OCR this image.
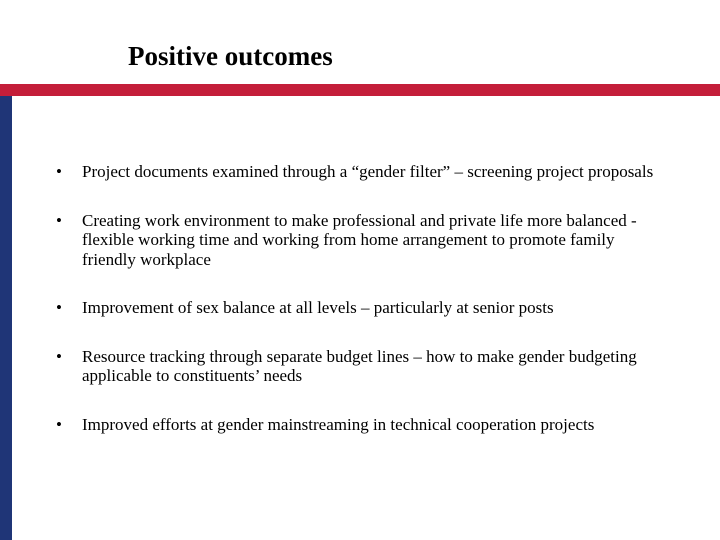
Positive outcomes
•	Project documents examined through a “gender filter” – screening project proposals
•	Creating work environment to make professional and private life more balanced - flexible working time and working from home arrangement to promote family friendly workplace
•	Improvement of sex balance at all levels – particularly at senior posts
•	Resource tracking through separate budget lines – how to make gender budgeting applicable to constituents’ needs
•	Improved efforts at gender mainstreaming in technical cooperation projects
